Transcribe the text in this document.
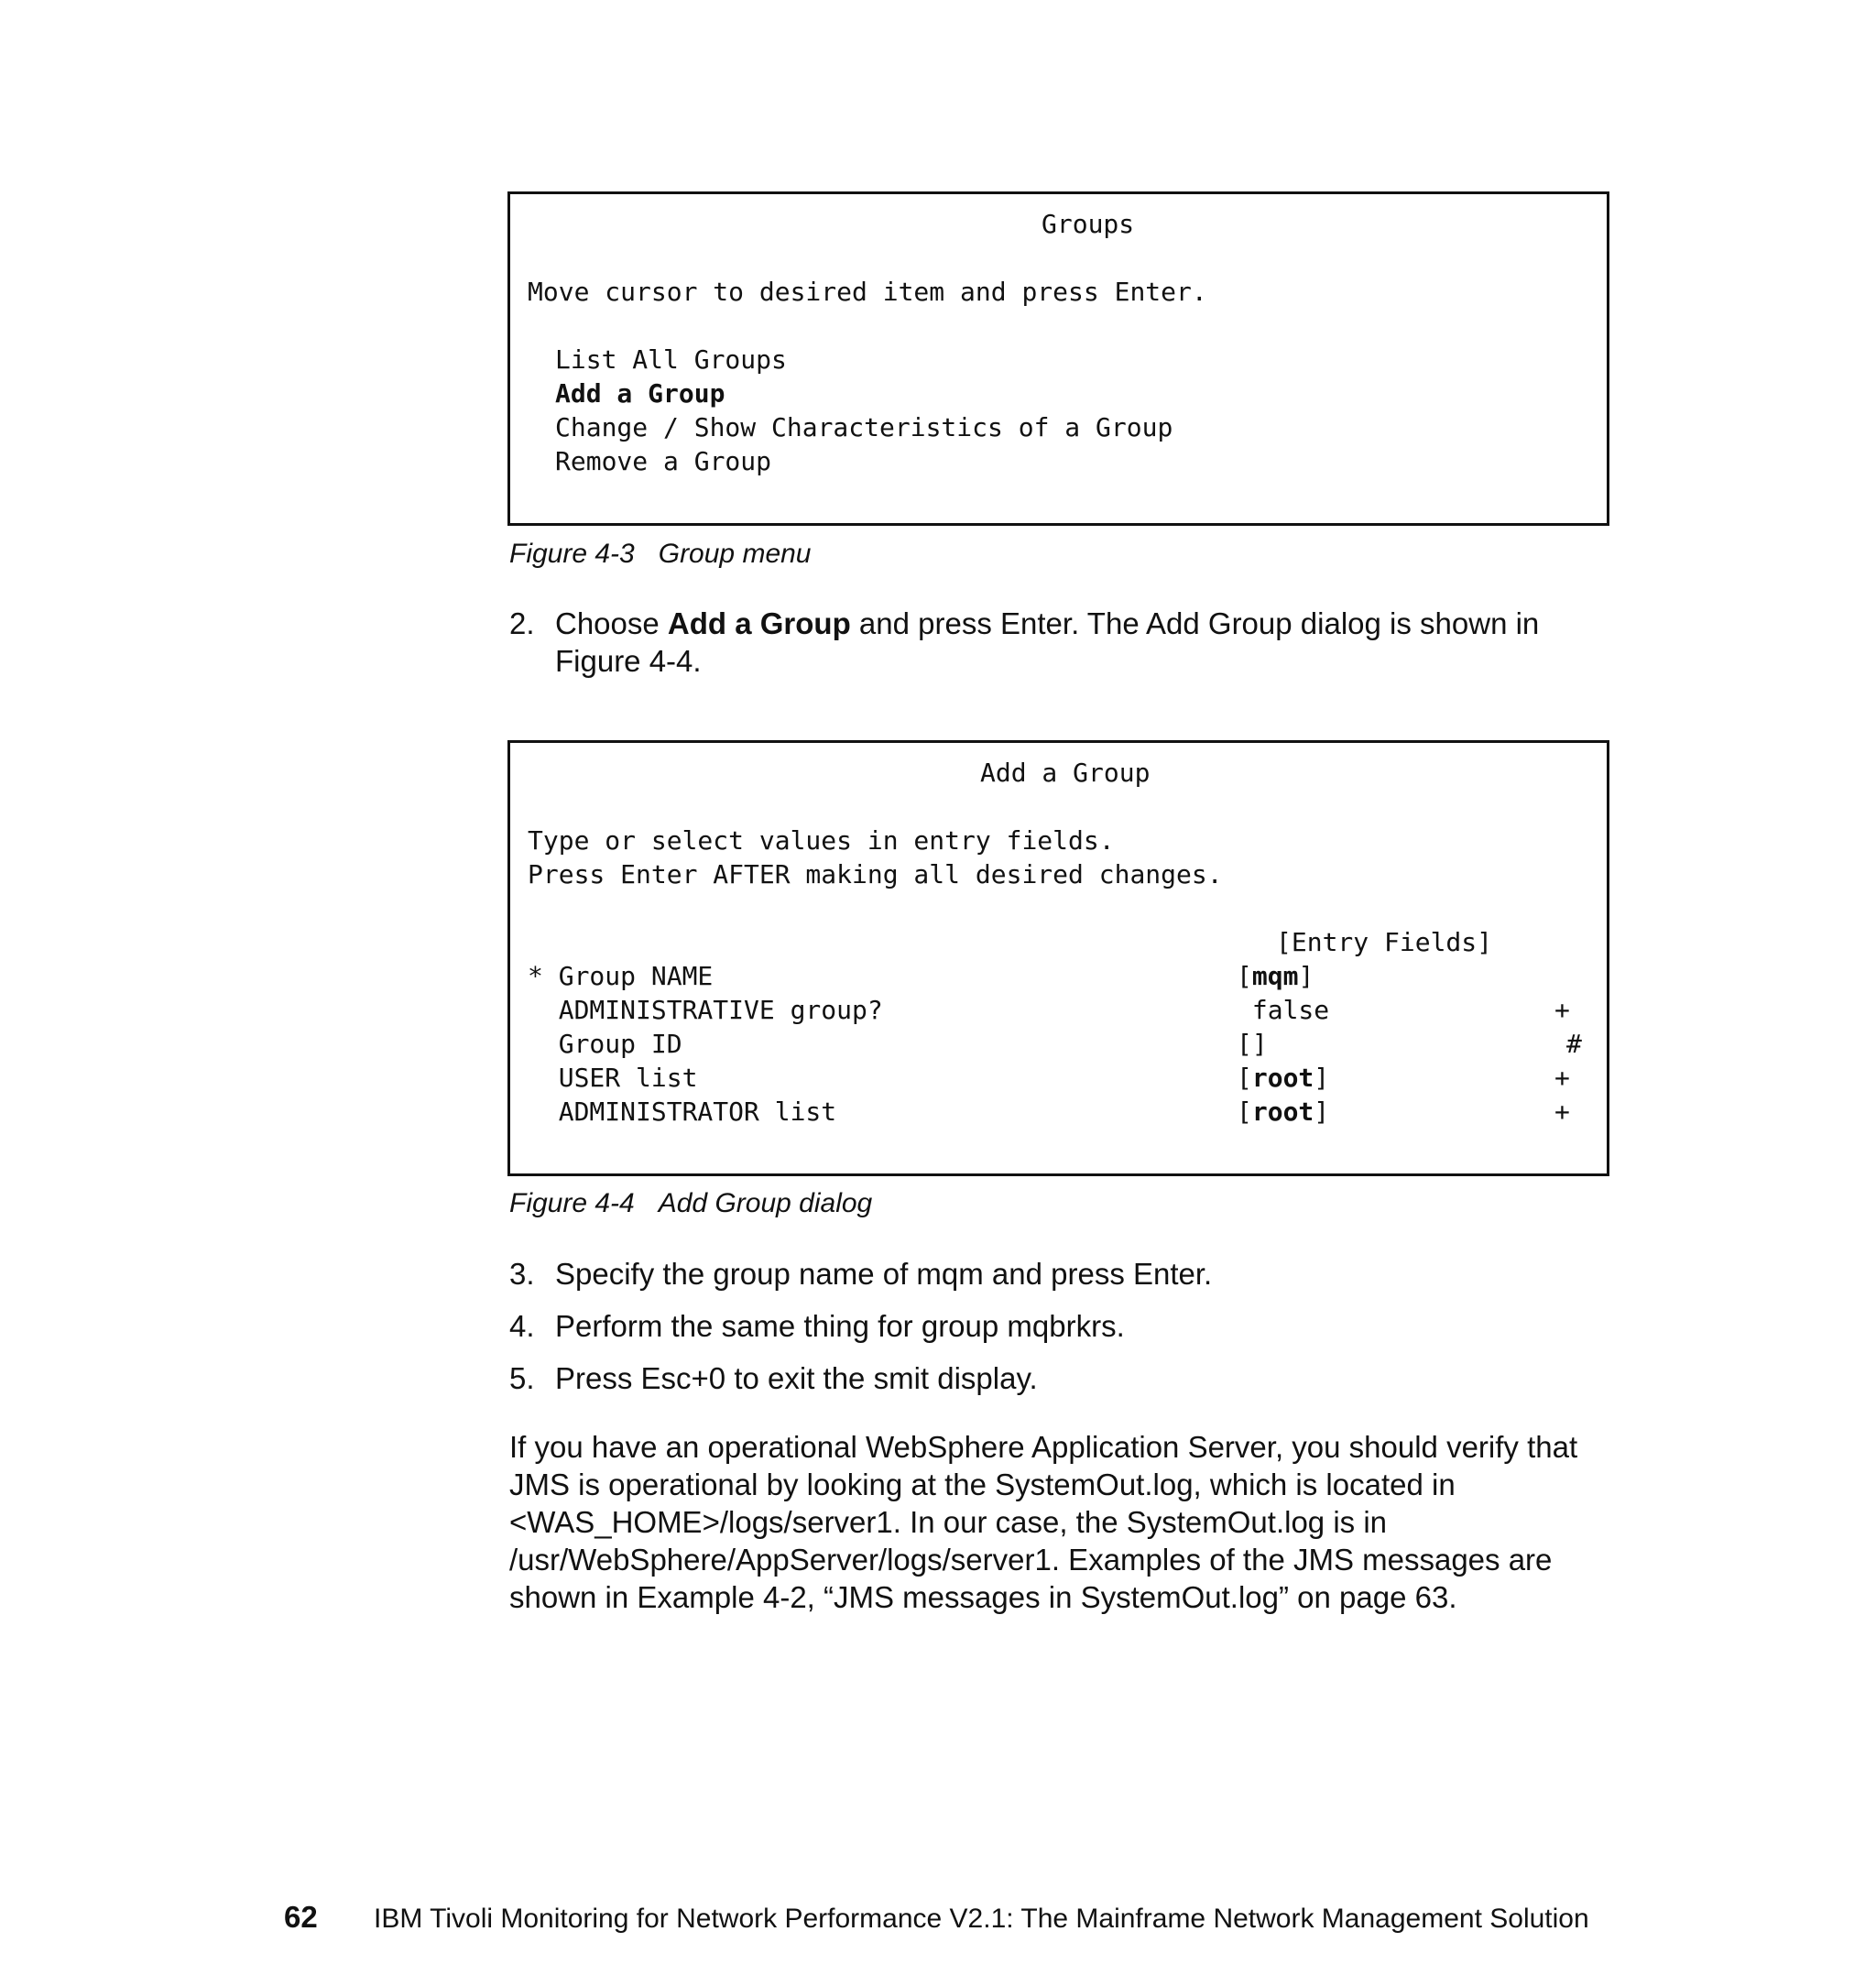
Groups
Move cursor to desired item and press Enter.
List All Groups
Add a Group
Change / Show Characteristics of a Group
Remove a Group
Figure 4-3 Group menu
2. Choose Add a Group and press Enter. The Add Group dialog is shown in
Figure 4-4.
Add a Group
Type or select values in entry fields.
Press Enter AFTER making all desired changes.
[Entry Fields]
* Group NAME	[mqm]
ADMINISTRATIVE group?	false	+
Group ID	[]	#
USER list	[root]	+
ADMINISTRATOR list	[root]	+
Figure 4-4 Add Group dialog
3. Specify the group name of mqm and press Enter.
4. Perform the same thing for group mqbrkrs.
5. Press Esc+0 to exit the smit display.
If you have an operational WebSphere Application Server, you should verify that
JMS is operational by looking at the SystemOut.log, which is located in
<WAS_HOME>/logs/server1. In our case, the SystemOut.log is in
/usr/WebSphere/AppServer/logs/server1. Examples of the JMS messages are
shown in Example 4-2, “JMS messages in SystemOut.log” on page 63.
62 IBM Tivoli Monitoring for Network Performance V2.1: The Mainframe Network Management Solution
